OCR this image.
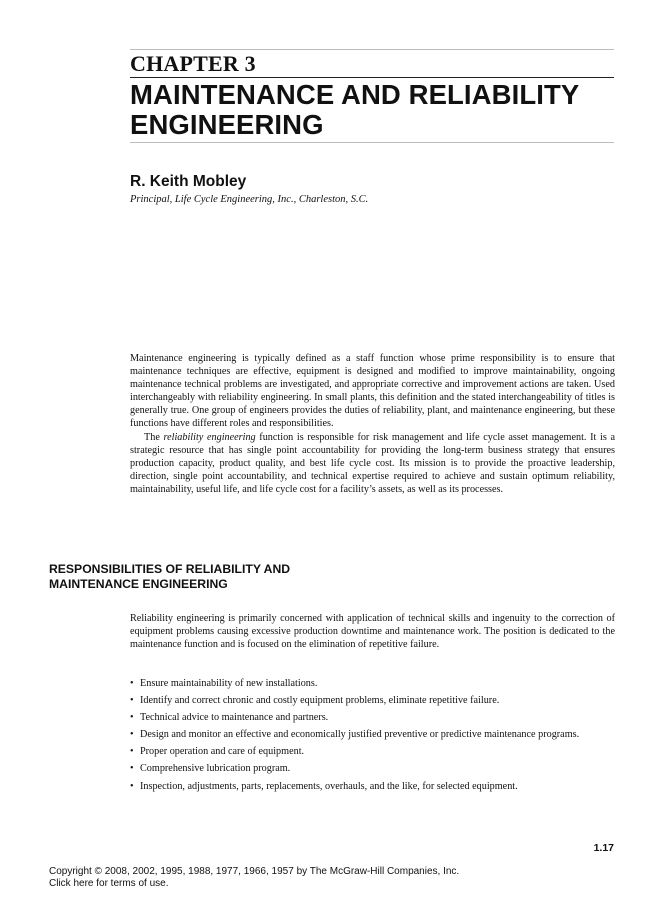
CHAPTER 3
MAINTENANCE AND RELIABILITY
ENGINEERING
R. Keith Mobley
Principal, Life Cycle Engineering, Inc., Charleston, S.C.

Maintenance engineering is typically defined as a staff function whose prime responsibility is to ensure that maintenance techniques are effective, equipment is designed and modified to improve maintainability, ongoing maintenance technical problems are investigated, and appropriate corrective and improvement actions are taken. Used interchangeably with reliability engineering. In small plants, this definition and the stated interchangeability of titles is generally true. One group of engineers provides the duties of reliability, plant, and maintenance engineering, but these functions have different roles and responsibilities.

The reliability engineering function is responsible for risk management and life cycle asset management. It is a strategic resource that has single point accountability for providing the long-term business strategy that ensures production capacity, product quality, and best life cycle cost. Its mission is to provide the proactive leadership, direction, single point accountability, and technical expertise required to achieve and sustain optimum reliability, maintainability, useful life, and life cycle cost for a facility’s assets, as well as its processes.

RESPONSIBILITIES OF RELIABILITY AND
MAINTENANCE ENGINEERING

Reliability engineering is primarily concerned with application of technical skills and ingenuity to the correction of equipment problems causing excessive production downtime and maintenance work. The position is dedicated to the maintenance function and is focused on the elimination of repetitive failure.

• Ensure maintainability of new installations.
• Identify and correct chronic and costly equipment problems, eliminate repetitive failure.
• Technical advice to maintenance and partners.
• Design and monitor an effective and economically justified preventive or predictive maintenance programs.
• Proper operation and care of equipment.
• Comprehensive lubrication program.
• Inspection, adjustments, parts, replacements, overhauls, and the like, for selected equipment.
1.17
Copyright © 2008, 2002, 1995, 1988, 1977, 1966, 1957 by The McGraw-Hill Companies, Inc.
Click here for terms of use.
